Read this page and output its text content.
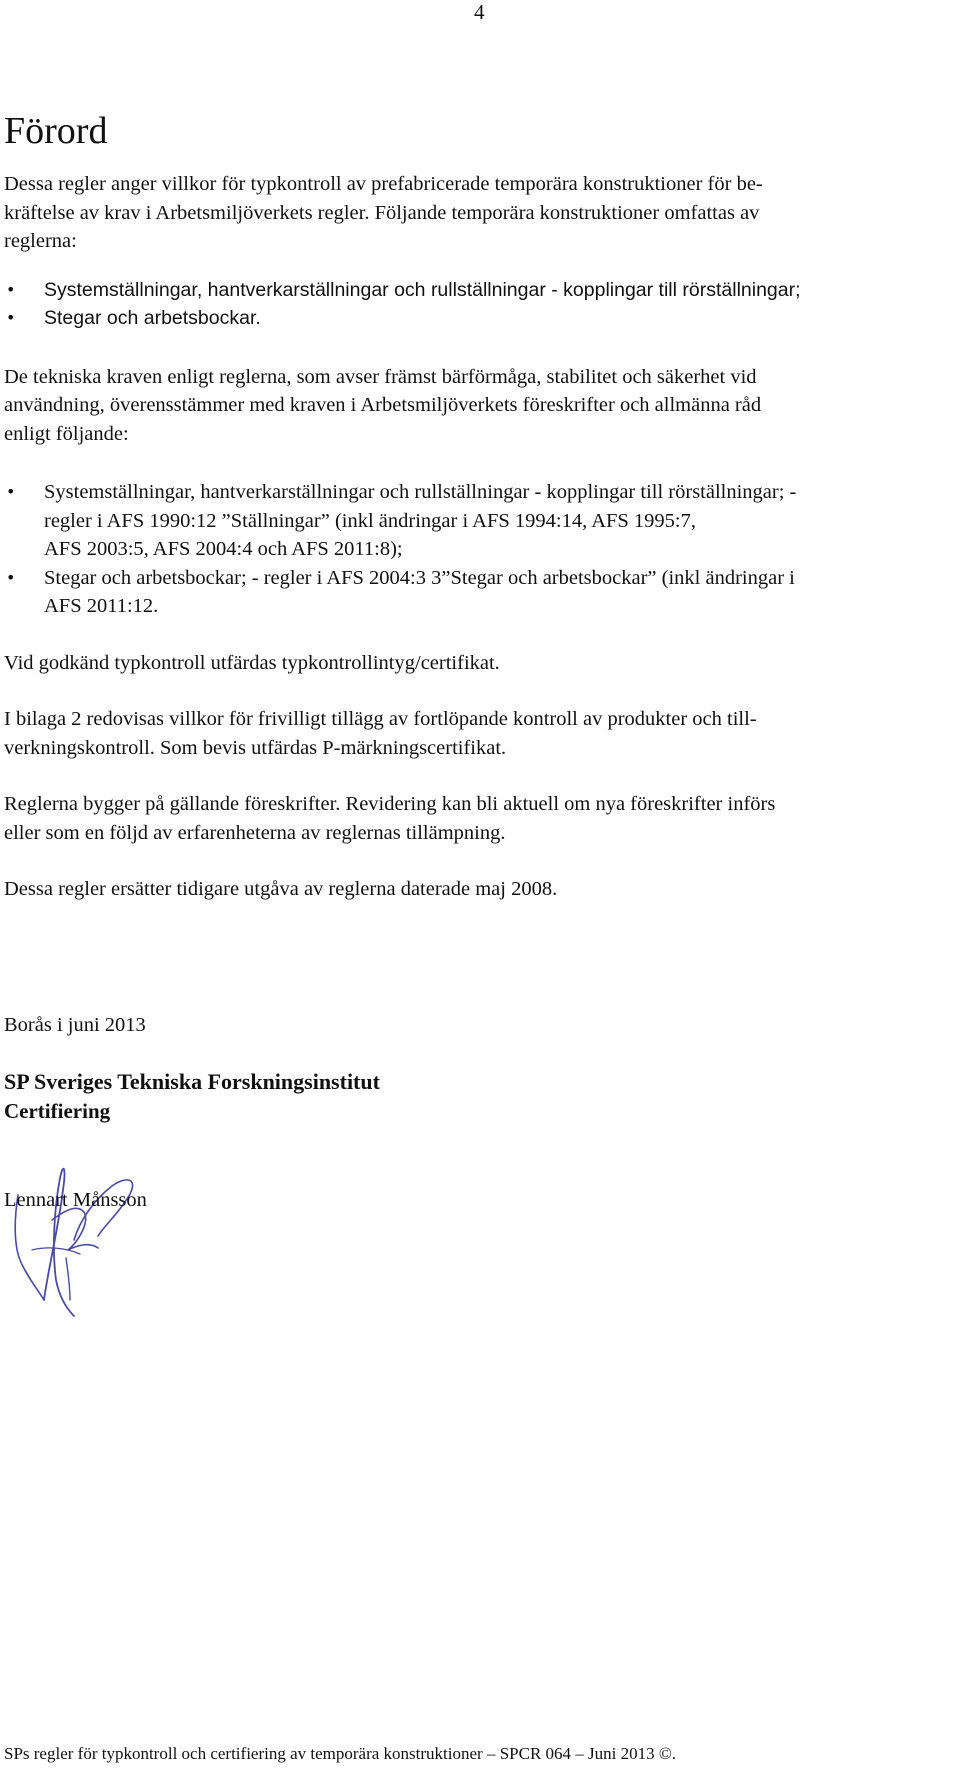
4
Förord

Dessa regler anger villkor för typkontroll av prefabricerade temporära konstruktioner för be-
kräftelse av krav i Arbetsmiljöverkets regler. Följande temporära konstruktioner omfattas av
reglerna:

• Systemställningar, hantverkarställningar och rullställningar - kopplingar till rörställningar;
• Stegar och arbetsbockar.

De tekniska kraven enligt reglerna, som avser främst bärförmåga, stabilitet och säkerhet vid
användning, överensstämmer med kraven i Arbetsmiljöverkets föreskrifter och allmänna råd
enligt följande:

• Systemställningar, hantverkarställningar och rullställningar - kopplingar till rörställningar; -
regler i AFS 1990:12 ”Ställningar” (inkl ändringar i AFS 1994:14, AFS 1995:7,
AFS 2003:5, AFS 2004:4 och AFS 2011:8);
• Stegar och arbetsbockar; - regler i AFS 2004:3 3”Stegar och arbetsbockar” (inkl ändringar i
AFS 2011:12.

Vid godkänd typkontroll utfärdas typkontrollintyg/certifikat.

I bilaga 2 redovisas villkor för frivilligt tillägg av fortlöpande kontroll av produkter och till-
verkningskontroll. Som bevis utfärdas P-märkningscertifikat.

Reglerna bygger på gällande föreskrifter. Revidering kan bli aktuell om nya föreskrifter införs
eller som en följd av erfarenheterna av reglernas tillämpning.

Dessa regler ersätter tidigare utgåva av reglerna daterade maj 2008.

Borås i juni 2013

SP Sveriges Tekniska Forskningsinstitut

Certifiering

Lennart Månsson

SPs regler för typkontroll och certifiering av temporära konstruktioner – SPCR 064 – Juni 2013 ©.
